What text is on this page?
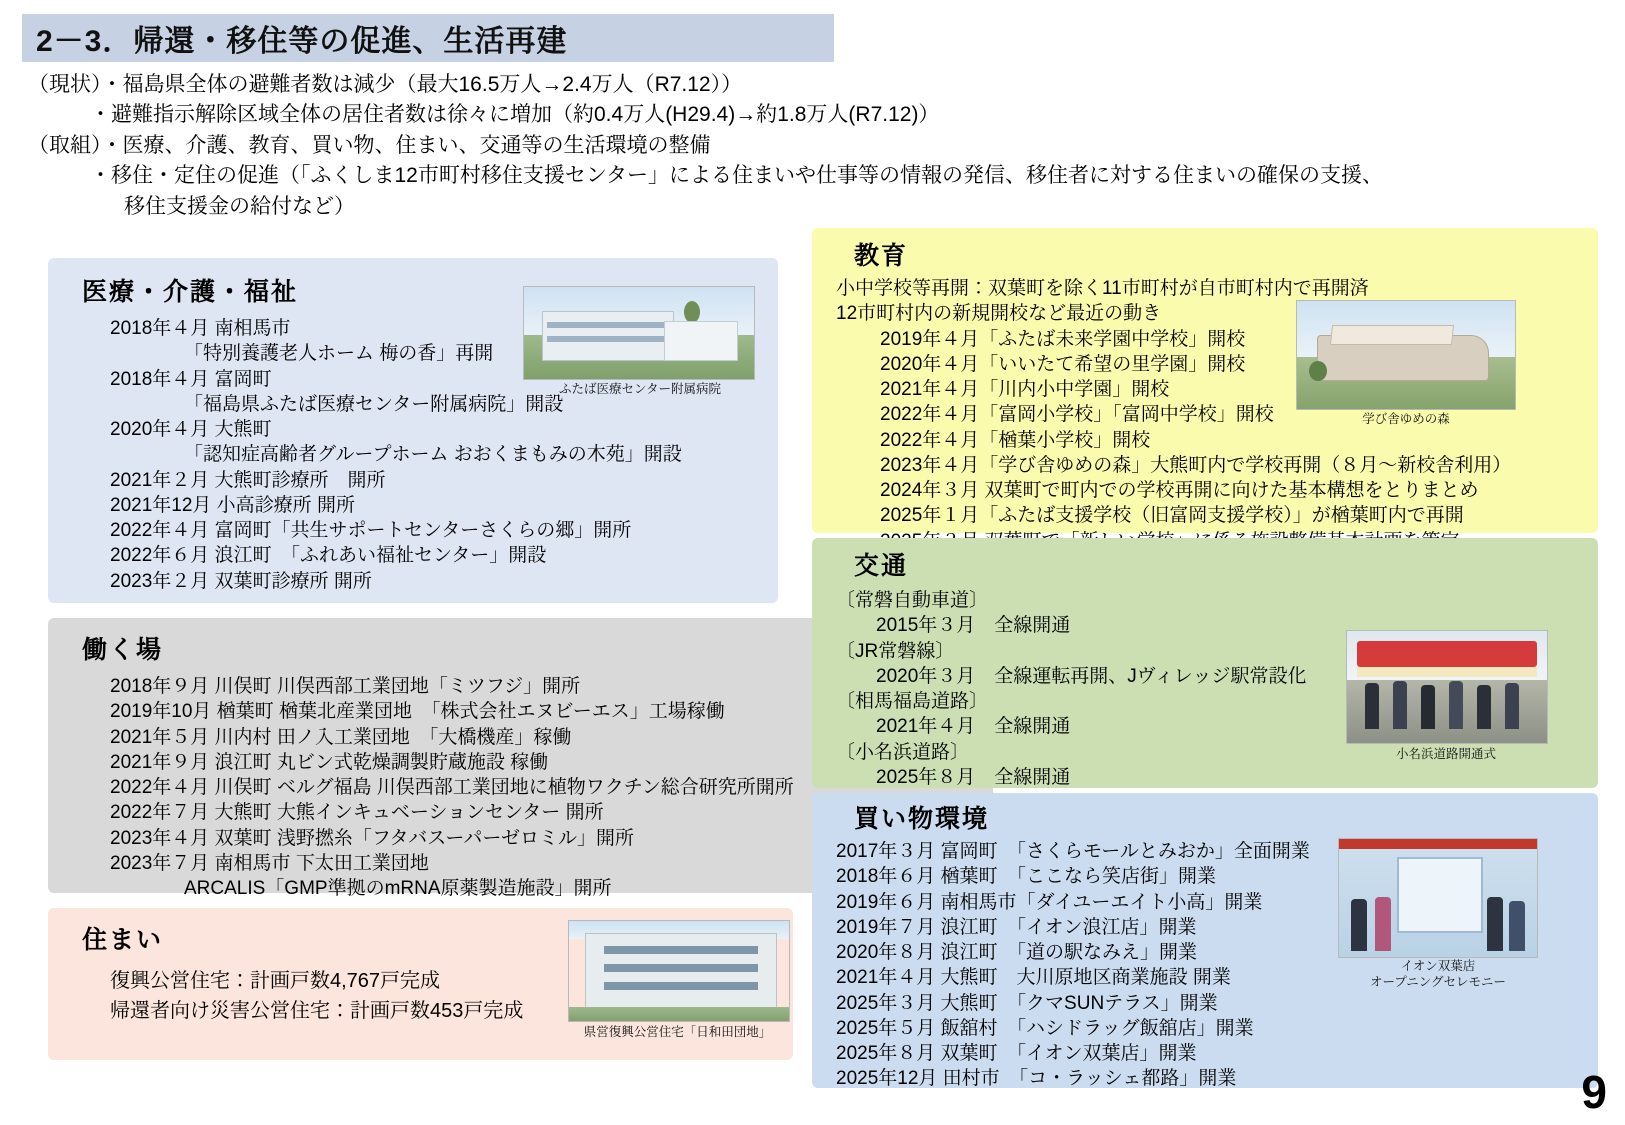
2－3．帰還・移住等の促進、生活再建
（現状）・福島県全体の避難者数は減少（最大16.5万人→2.4万人（R7.12））
・避難指示解除区域全体の居住者数は徐々に増加（約0.4万人(H29.4)→約1.8万人(R7.12)）
（取組）・医療、介護、教育、買い物、住まい、交通等の生活環境の整備
・移住・定住の促進（「ふくしま12市町村移住支援センター」による住まいや仕事等の情報の発信、移住者に対する住まいの確保の支援、
移住支援金の給付など）
医療・介護・福祉
2018年４月 南相馬市
「特別養護老人ホーム 梅の香」再開
2018年４月 富岡町
「福島県ふたば医療センター附属病院」開設
2020年４月 大熊町
「認知症高齢者グループホーム おおくまもみの木苑」開設
2021年２月 大熊町診療所　開所
2021年12月 小高診療所 開所
2022年４月 富岡町「共生サポートセンターさくらの郷」開所
2022年６月 浪江町　「ふれあい福祉センター」開設
2023年２月 双葉町診療所 開所
ふたば医療センター附属病院
働く場
2018年９月 川俣町 川俣西部工業団地「ミツフジ」開所
2019年10月 楢葉町 楢葉北産業団地　「株式会社エヌビーエス」工場稼働
2021年５月 川内村 田ノ入工業団地　「大橋機産」稼働
2021年９月 浪江町 丸ビン式乾燥調製貯蔵施設 稼働
2022年４月 川俣町 ベルグ福島 川俣西部工業団地に植物ワクチン総合研究所開所
2022年７月 大熊町 大熊インキュベーションセンター 開所
2023年４月 双葉町 浅野撚糸「フタバスーパーゼロミル」開所
2023年７月 南相馬市 下太田工業団地
ARCALIS「GMP準拠のmRNA原薬製造施設」開所
住まい
復興公営住宅：計画戸数4,767戸完成
帰還者向け災害公営住宅：計画戸数453戸完成
県営復興公営住宅「日和田団地」
教育
小中学校等再開：双葉町を除く11市町村が自市町村内で再開済
12市町村内の新規開校など最近の動き
2019年４月「ふたば未来学園中学校」開校
2020年４月「いいたて希望の里学園」開校
2021年４月「川内小中学園」開校
2022年４月「富岡小学校」「富岡中学校」開校
2022年４月「楢葉小学校」開校
2023年４月「学び舎ゆめの森」大熊町内で学校再開（８月～新校舎利用）
2024年３月 双葉町で町内での学校再開に向けた基本構想をとりまとめ
2025年１月「ふたば支援学校（旧富岡支援学校）」が楢葉町内で再開
学び舎ゆめの森
交通
〔常磐自動車道〕
2015年３月　全線開通
〔JR常磐線〕
2020年３月　全線運転再開、Jヴィレッジ駅常設化
〔相馬福島道路〕
2021年４月　全線開通
〔小名浜道路〕
2025年８月　全線開通
小名浜道路開通式
買い物環境
2017年３月 富岡町　「さくらモールとみおか」全面開業
2018年６月 楢葉町　「ここなら笑店街」開業
2019年６月 南相馬市「ダイユーエイト小高」開業
2019年７月 浪江町　「イオン浪江店」開業
2020年８月 浪江町　「道の駅なみえ」開業
2021年４月 大熊町　大川原地区商業施設 開業
2025年３月 大熊町　「クマSUNテラス」開業
2025年５月 飯舘村　「ハシドラッグ飯舘店」開業
2025年８月 双葉町　「イオン双葉店」開業
2025年12月 田村市　「コ・ラッシェ都路」開業
イオン双葉店
オープニングセレモニー
9
